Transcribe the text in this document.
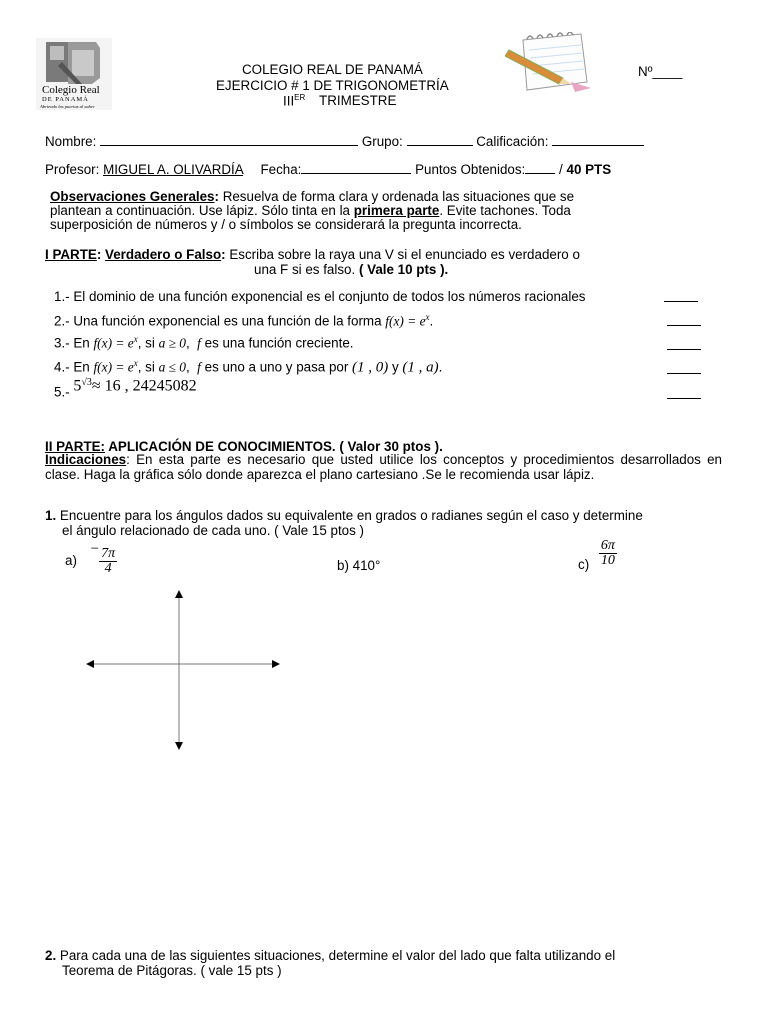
Colegio Real
DE PANAMÁ
Abriendo las puertas al saber
COLEGIO REAL DE PANAMÁ
EJERCICIO # 1 DE TRIGONOMETRÍA
IIIER TRIMESTRE
Nº____
Nombre:	Grupo:	Calificación:
Profesor: MIGUEL A. OLIVARDÍA Fecha:	Puntos Obtenidos:	/ 40 PTS
Observaciones Generales: Resuelva de forma clara y ordenada las situaciones que se
plantean a continuación. Use lápiz. Sólo tinta en la primera parte. Evite tachones. Toda
superposición de números y / o símbolos se considerará la pregunta incorrecta.
I PARTE: Verdadero o Falso: Escriba sobre la raya una V si el enunciado es verdadero o
una F si es falso. ( Vale 10 pts ).
1.- El dominio de una función exponencial es el conjunto de todos los números racionales
2.- Una función exponencial es una función de la forma $f(x) = e^x$.
3.- En $f(x) = e^x$, si a ≥ 0,  f es una función creciente.
4.- En $f(x) = e^x$, si a ≤ 0,  f es uno a uno y pasa por (1 , 0) y (1 , a).
5.- $5^{√3}\approx 16$ , 24245082
II PARTE: APLICACIÓN DE CONOCIMIENTOS. ( Valor 30 ptos ).
Indicaciones: En esta parte es necesario que usted utilice los conceptos y procedimientos desarrollados en clase. Haga la gráfica sólo donde aparezca el plano cartesiano .Se le recomienda usar lápiz.
1. Encuentre para los ángulos dados su equivalente en grados o radianes según el caso y determine
el ángulo relacionado de cada uno. ( Vale 15 ptos )
$a) - \frac{7\pi}{4}$	b) 410°	$c) \frac{6\pi}{10}$
2. Para cada una de las siguientes situaciones, determine el valor del lado que falta utilizando el
Teorema de Pitágoras. ( vale 15 pts )
